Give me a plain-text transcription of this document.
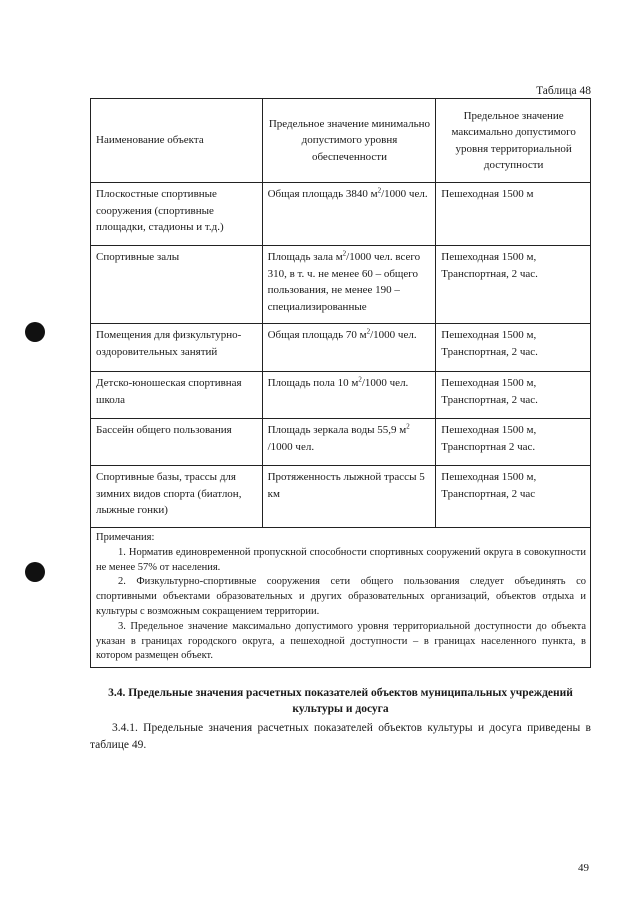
Таблица 48
Наименование объекта	Предельное значение минимально допустимого уровня обеспеченности	Предельное значение максимально допустимого уровня территориальной доступности
Плоскостные спортивные сооружения (спортивные площадки, стадионы и т.д.)	Общая площадь 3840 $м^2/1000$ чел.	Пешеходная 1500 м
Спортивные залы	Площадь зала $м^2/1000$ чел. всего 310, в т. ч. не менее 60 – общего пользования, не менее 190 – специализированные	Пешеходная 1500 м, Транспортная, 2 час.
Помещения для физкультурно-оздоровительных занятий	Общая площадь 70 $м^2/1000$ чел.	Пешеходная 1500 м, Транспортная, 2 час.
Детско-юношеская спортивная школа	Площадь пола 10 $м^2/1000$ чел.	Пешеходная 1500 м, Транспортная, 2 час.
Бассейн общего пользования	Площадь зеркала воды 55,9 $м^2$ /1000 чел.	Пешеходная 1500 м, Транспортная 2 час.
Спортивные базы, трассы для зимних видов спорта (биатлон, лыжные гонки)	Протяженность лыжной трассы 5 км	Пешеходная 1500 м, Транспортная, 2 час

Примечания:

1. Норматив единовременной пропускной способности спортивных сооружений округа в совокупности не менее 57% от населения.

2. Физкультурно-спортивные сооружения сети общего пользования следует объединять со спортивными объектами образовательных и других образовательных организаций, объектов отдыха и культуры с возможным сокращением территории.

3. Предельное значение максимально допустимого уровня территориальной доступности до объекта указан в границах городского округа, а пешеходной доступности – в границах населенного пункта, в котором размещен объект.		

3.4. Предельные значения расчетных показателей объектов муниципальных учреждений культуры и досуга
3.4.1. Предельные значения расчетных показателей объектов культуры и досуга приведены в таблице 49.
49
